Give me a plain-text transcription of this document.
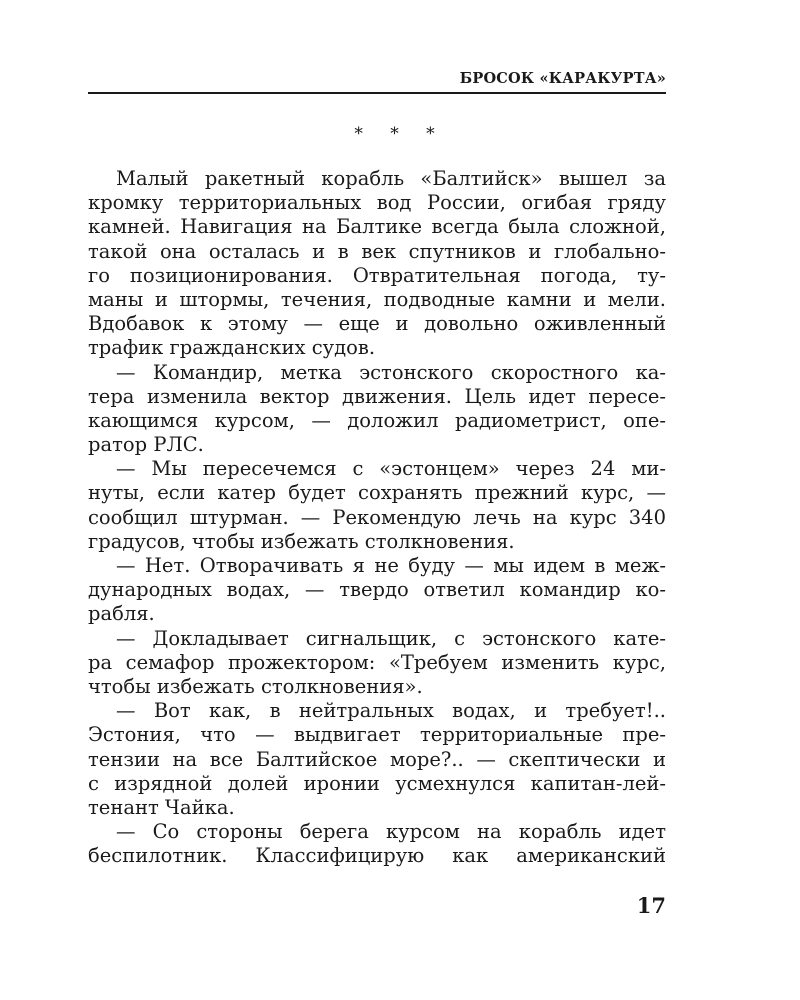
БРОСОК «КАРАКУРТА»
* * *
Малый ракетный корабль «Балтийск» вышел за
кромку территориальных вод России, огибая гряду
камней. Навигация на Балтике всегда была сложной,
такой она осталась и в век спутников и глобально-
го позиционирования. Отвратительная погода, ту-
маны и штормы, течения, подводные камни и мели.
Вдобавок к этому — еще и довольно оживленный
трафик гражданских судов.
— Командир, метка эстонского скоростного ка-
тера изменила вектор движения. Цель идет пересе-
кающимся курсом, — доложил радиометрист, опе-
ратор РЛС.
— Мы пересечемся с «эстонцем» через 24 ми-
нуты, если катер будет сохранять прежний курс, —
сообщил штурман. — Рекомендую лечь на курс 340
градусов, чтобы избежать столкновения.
— Нет. Отворачивать я не буду — мы идем в меж-
дународных водах, — твердо ответил командир ко-
рабля.
— Докладывает сигнальщик, с эстонского кате-
ра семафор прожектором: «Требуем изменить курс,
чтобы избежать столкновения».
— Вот как, в нейтральных водах, и требует!..
Эстония, что — выдвигает территориальные пре-
тензии на все Балтийское море?.. — скептически и
с изрядной долей иронии усмехнулся капитан-лей-
тенант Чайка.
— Со стороны берега курсом на корабль идет
беспилотник. Классифицирую как американский
17
